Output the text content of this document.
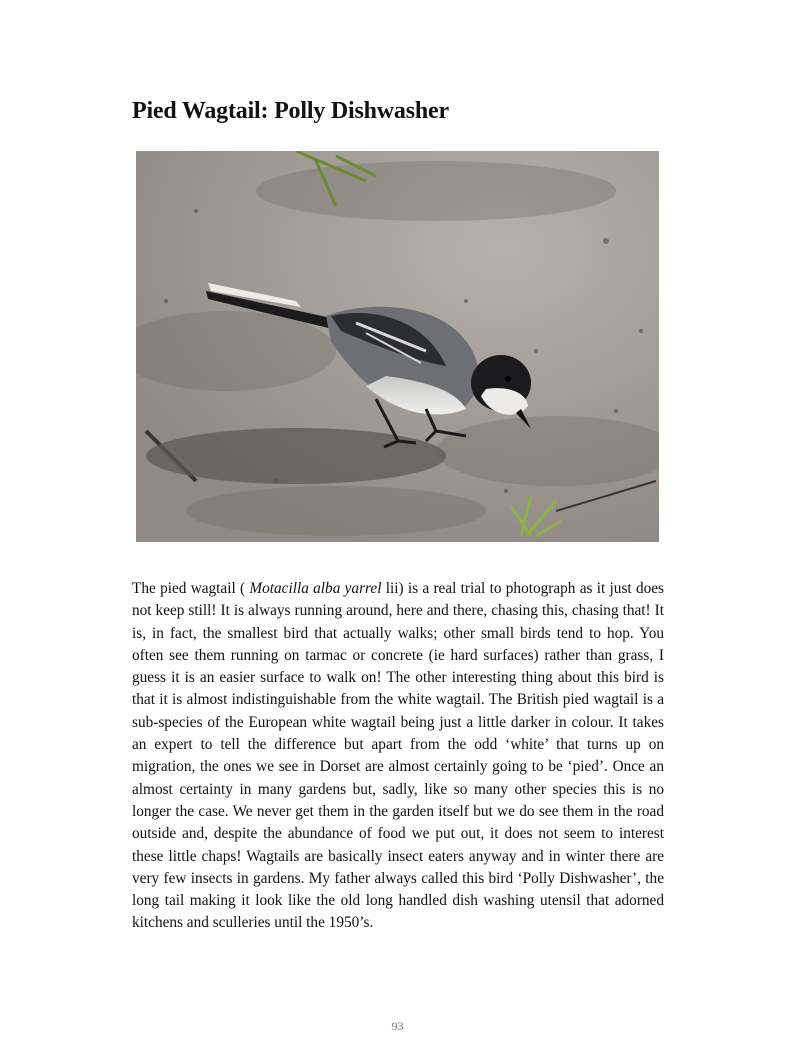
Pied Wagtail: Polly Dishwasher

The pied wagtail ( Motacilla alba yarrel lii) is a real trial to photograph as it just does not keep still! It is always running around, here and there, chasing this, chasing that! It is, in fact, the smallest bird that actually walks; other small birds tend to hop. You often see them running on tarmac or concrete (ie hard surfaces) rather than grass, I guess it is an easier surface to walk on! The other interesting thing about this bird is that it is almost indistinguishable from the white wagtail. The British pied wagtail is a sub-species of the European white wagtail being just a little darker in colour. It takes an expert to tell the difference but apart from the odd ‘white’ that turns up on migration, the ones we see in Dorset are almost certainly going to be ‘pied’. Once an almost certainty in many gardens but, sadly, like so many other species this is no longer the case. We never get them in the garden itself but we do see them in the road outside and, despite the abundance of food we put out, it does not seem to interest these little chaps! Wagtails are basically insect eaters anyway and in winter there are very few insects in gardens. My father always called this bird ‘Polly Dishwasher’, the long tail making it look like the old long handled dish washing utensil that adorned kitchens and sculleries until the 1950’s.

93
